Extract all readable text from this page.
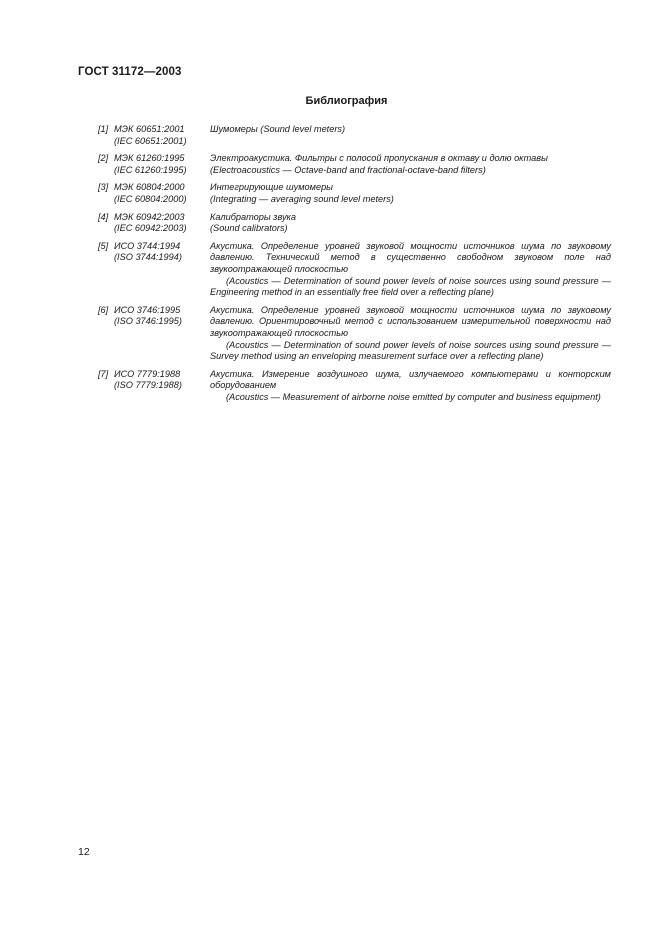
ГОСТ 31172—2003
Библиография
[1] МЭК 60651:2001
(IEC 60651:2001)
Шумомеры (Sound level meters)
[2] МЭК 61260:1995
(IEC 61260:1995)
Электроакустика. Фильтры с полосой пропускания в октаву и долю октавы
(Electroacoustics — Octave-band and fractional-octave-band filters)
[3] МЭК 60804:2000
(IEC 60804:2000)
Интегрирующие шумомеры
(Integrating — averaging sound level meters)
[4] МЭК 60942:2003
(IEC 60942:2003)
Калибраторы звука
(Sound calibrators)
[5] ИСО 3744:1994
(ISO 3744:1994)
Акустика. Определение уровней звуковой мощности источников шума по звуковому давлению. Технический метод в существенно свободном звуковом поле над звукоотражающей плоскостью
(Acoustics — Determination of sound power levels of noise sources using sound pressure — Engineering method in an essentially free field over a reflecting plane)
[6] ИСО 3746:1995
(ISO 3746:1995)
Акустика. Определение уровней звуковой мощности источников шума по звуковому давлению. Ориентировочный метод с использованием измерительной поверхности над звукоотражающей плоскостью
(Acoustics — Determination of sound power levels of noise sources using sound pressure — Survey method using an enveloping measurement surface over a reflecting plane)
[7] ИСО 7779:1988
(ISO 7779:1988)
Акустика. Измерение воздушного шума, излучаемого компьютерами и конторским оборудованием
(Acoustics — Measurement of airborne noise emitted by computer and business equipment)
12
